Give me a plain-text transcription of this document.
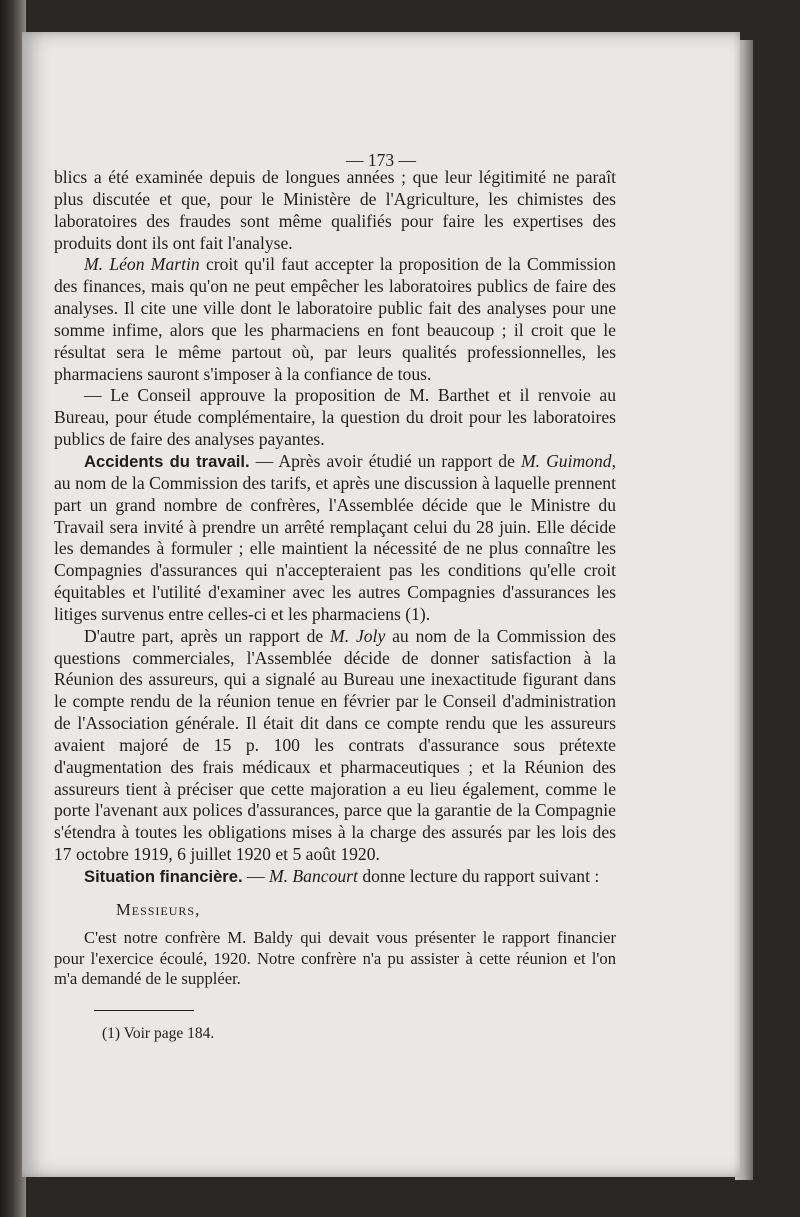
— 173 —

blics a été examinée depuis de longues années ; que leur légitimité ne paraît plus discutée et que, pour le Ministère de l'Agriculture, les chimistes des laboratoires des fraudes sont même qualifiés pour faire les expertises des produits dont ils ont fait l'analyse.

M. Léon Martin croit qu'il faut accepter la proposition de la Commission des finances, mais qu'on ne peut empêcher les laboratoires publics de faire des analyses. Il cite une ville dont le laboratoire public fait des analyses pour une somme infime, alors que les pharmaciens en font beaucoup ; il croit que le résultat sera le même partout où, par leurs qualités professionnelles, les pharmaciens sauront s'imposer à la confiance de tous.

— Le Conseil approuve la proposition de M. Barthet et il renvoie au Bureau, pour étude complémentaire, la question du droit pour les laboratoires publics de faire des analyses payantes.

Accidents du travail. — Après avoir étudié un rapport de M. Guimond, au nom de la Commission des tarifs, et après une discussion à laquelle prennent part un grand nombre de confrères, l'Assemblée décide que le Ministre du Travail sera invité à prendre un arrêté remplaçant celui du 28 juin. Elle décide les demandes à formuler ; elle maintient la nécessité de ne plus connaître les Compagnies d'assurances qui n'accepteraient pas les conditions qu'elle croit équitables et l'utilité d'examiner avec les autres Compagnies d'assurances les litiges survenus entre celles-ci et les pharmaciens (1).

D'autre part, après un rapport de M. Joly au nom de la Commission des questions commerciales, l'Assemblée décide de donner satisfaction à la Réunion des assureurs, qui a signalé au Bureau une inexactitude figurant dans le compte rendu de la réunion tenue en février par le Conseil d'administration de l'Association générale. Il était dit dans ce compte rendu que les assureurs avaient majoré de 15 p. 100 les contrats d'assurance sous prétexte d'augmentation des frais médicaux et pharmaceutiques ; et la Réunion des assureurs tient à préciser que cette majoration a eu lieu également, comme le porte l'avenant aux polices d'assurances, parce que la garantie de la Compagnie s'étendra à toutes les obligations mises à la charge des assurés par les lois des 17 octobre 1919, 6 juillet 1920 et 5 août 1920.

Situation financière. — M. Bancourt donne lecture du rapport suivant :

Messieurs,

C'est notre confrère M. Baldy qui devait vous présenter le rapport financier pour l'exercice écoulé, 1920. Notre confrère n'a pu assister à cette réunion et l'on m'a demandé de le suppléer.

(1) Voir page 184.
